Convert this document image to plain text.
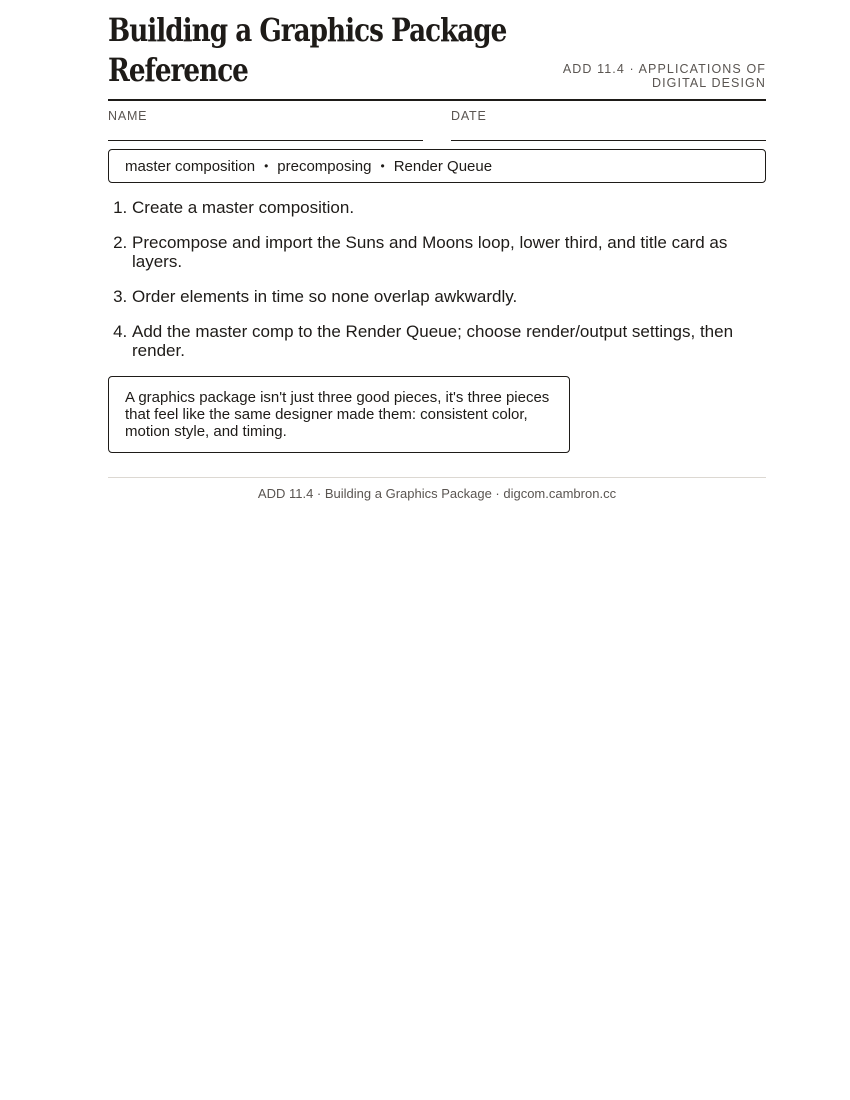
Building a Graphics Package
Reference	ADD 11.4 · APPLICATIONS OF DIGITAL DESIGN
NAME	DATE
master composition • precomposing • Render Queue
1. Create a master composition.
2. Precompose and import the Suns and Moons loop, lower third, and title card as layers.
3. Order elements in time so none overlap awkwardly.
4. Add the master comp to the Render Queue; choose render/output settings, then render.
A graphics package isn't just three good pieces, it's three pieces that feel like the same designer made them: consistent color, motion style, and timing.
ADD 11.4 · Building a Graphics Package · digcom.cambron.cc
